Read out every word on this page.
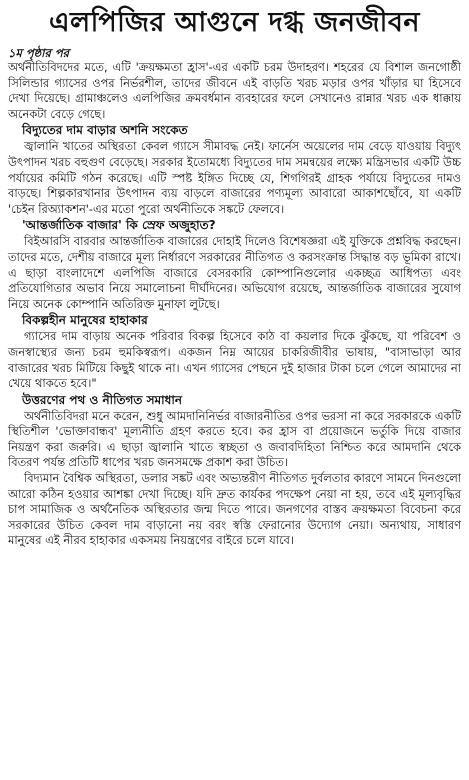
এলপিজির আগুনে দগ্ধ জনজীবন
১ম পৃষ্ঠার পর

অর্থনীতিবিদদের মতে, এটি 'ক্রয়ক্ষমতা হ্রাস'-এর একটি চরম উদাহরণ। শহরের যে বিশাল জনগোষ্ঠী সিলিন্ডার গ্যাসের ওপর নির্ভরশীল, তাদের জীবনে এই বাড়তি খরচ মড়ার ওপর খাঁড়ার ঘা হিসেবে দেখা দিয়েছে। গ্রামাঞ্চলেও এলপিজির ক্রমবর্ধমান ব্যবহারের ফলে সেখানেও রান্নার খরচ এক ধাক্কায় অনেকটা বেড়ে গেছে।

বিদ্যুতের দাম বাড়ার অশনি সংকেত

জ্বালানি খাতের অস্থিরতা কেবল গ্যাসে সীমাবদ্ধ নেই। ফার্নেস অয়েলের দাম বেড়ে যাওয়ায় বিদ্যুৎ উৎপাদন খরচ বহুগুণ বেড়েছে। সরকার ইতোমধ্যে বিদ্যুতের দাম সমন্বয়ের লক্ষ্যে মন্ত্রিসভার একটি উচ্চ পর্যায়ের কমিটি গঠন করেছে। এটি স্পষ্ট ইঙ্গিত দিচ্ছে যে, শিগগিরই গ্রাহক পর্যায়ে বিদ্যুতের দামও বাড়ছে। শিল্পকারখানার উৎপাদন ব্যয় বাড়লে বাজারের পণ্যমূল্য আবারো আকাশছোঁবে, যা একটি 'চেইন রিঅ্যাকশন'-এর মতো পুরো অর্থনীতিকে সঙ্কটে ফেলবে।

'আন্তর্জাতিক বাজার' কি স্রেফ অজুহাত?

বিইআরসি বারবার আন্তর্জাতিক বাজারের দোহাই দিলেও বিশেষজ্ঞরা এই যুক্তিকে প্রশ্নবিদ্ধ করছেন। তাদের মতে, দেশীয় বাজারে মূল্য নির্ধারণে সরকারের নীতিগত ও করসংক্রান্ত সিদ্ধান্ত বড় ভূমিকা রাখে। এ ছাড়া বাংলাদেশে এলপিজি বাজারে বেসরকারি কোম্পানিগুলোর একচ্ছত্র আধিপত্য এবং প্রতিযোগিতার অভাব নিয়ে সমালোচনা দীর্ঘদিনের। অভিযোগ রয়েছে, আন্তর্জাতিক বাজারের সুযোগ নিয়ে অনেক কোম্পানি অতিরিক্ত মুনাফা লুটছে।

বিকল্পহীন মানুষের হাহাকার

গ্যাসের দাম বাড়ায় অনেক পরিবার বিকল্প হিসেবে কাঠ বা কয়লার দিকে ঝুঁকছে, যা পরিবেশ ও জনস্বাস্থ্যের জন্য চরম হুমকিস্বরূপ। একজন নিম্ন আয়ের চাকরিজীবীর ভাষায়, "বাসাভাড়া আর বাজারের খরচ মিটিয়ে কিছুই থাকে না। এখন গ্যাসের পেছনে দুই হাজার টাকা চলে গেলে আমাদের না খেয়ে থাকতে হবে।"

উত্তরণের পথ ও নীতিগত সমাধান

অর্থনীতিবিদরা মনে করেন, শুধু আমদানিনির্ভর বাজারনীতির ওপর ভরসা না করে সরকারকে একটি স্থিতিশীল 'ভোক্তাবান্ধব' মূল্যনীতি গ্রহণ করতে হবে। কর হ্রাস বা প্রয়োজনে ভর্তুকি দিয়ে বাজার নিয়ন্ত্রণ করা জরুরি। এ ছাড়া জ্বালানি খাতে স্বচ্ছতা ও জবাবদিহিতা নিশ্চিত করে আমদানি থেকে বিতরণ পর্যন্ত প্রতিটি ধাপের খরচ জনসমক্ষে প্রকাশ করা উচিত।

বিদ্যমান বৈশ্বিক অস্থিরতা, ডলার সঙ্কট এবং অভ্যন্তরীণ নীতিগত দুর্বলতার কারণে সামনে দিনগুলো আরো কঠিন হওয়ার আশঙ্কা দেখা দিচ্ছে। যদি দ্রুত কার্যকর পদক্ষেপ নেয়া না হয়, তবে এই মূল্যবৃদ্ধির চাপ সামাজিক ও অর্থনৈতিক অস্থিরতার জন্ম দিতে পারে। জনগণের বাস্তব ক্রয়ক্ষমতা বিবেচনা করে সরকারের উচিত কেবল দাম বাড়ানো নয় বরং স্বস্তি ফেরানোর উদ্যোগ নেয়া। অন্যথায়, সাধারণ মানুষের এই নীরব হাহাকার একসময় নিয়ন্ত্রণের বাইরে চলে যাবে।
